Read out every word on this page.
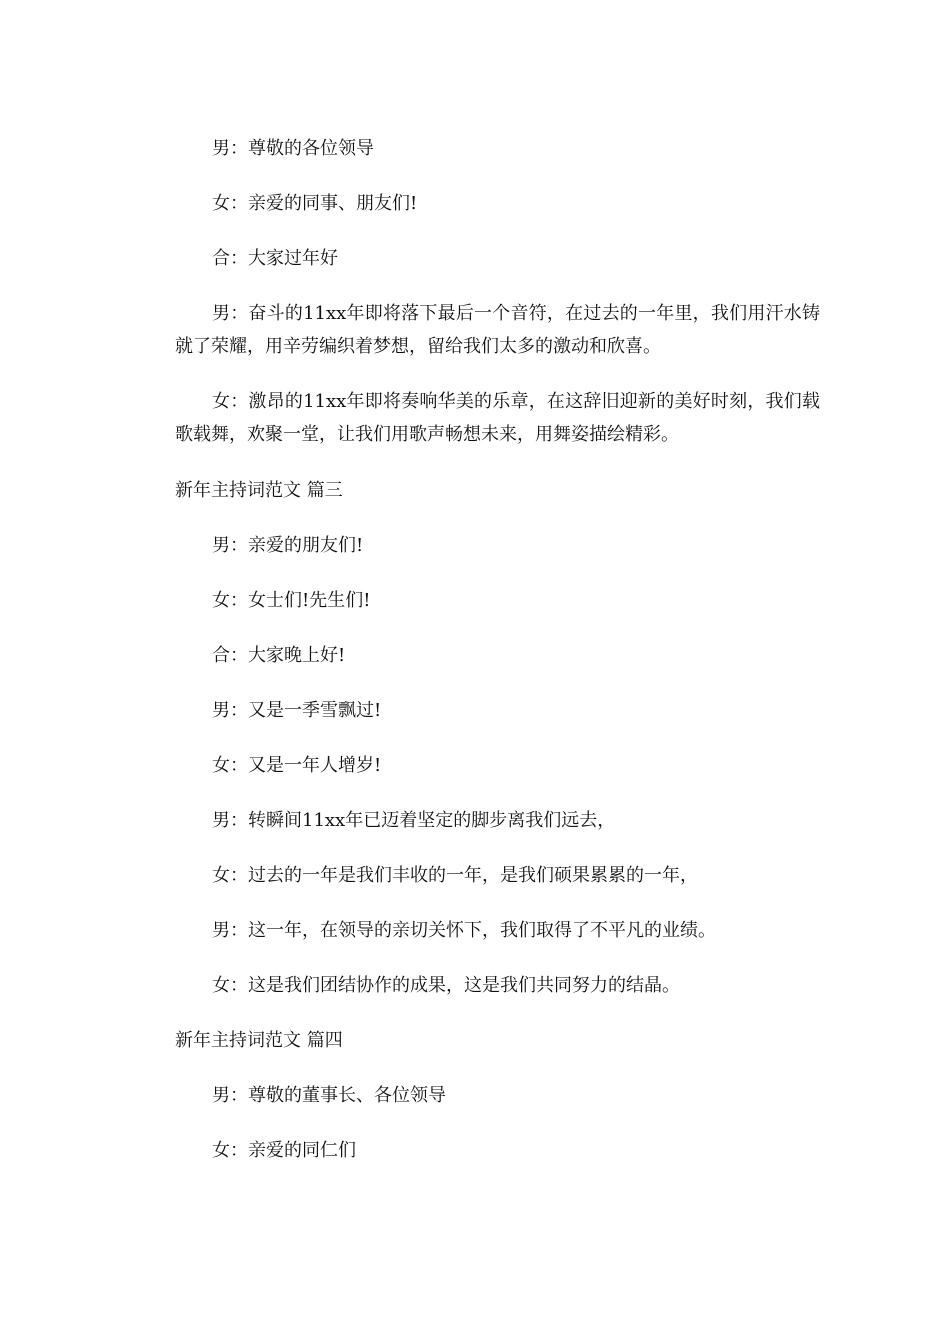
男：尊敬的各位领导

女：亲爱的同事、朋友们!

合：大家过年好

男：奋斗的11xx年即将落下最后一个音符，在过去的一年里，我们用汗水铸就了荣耀，用辛劳编织着梦想，留给我们太多的激动和欣喜。

女：激昂的11xx年即将奏响华美的乐章，在这辞旧迎新的美好时刻，我们载歌载舞，欢聚一堂，让我们用歌声畅想未来，用舞姿描绘精彩。

新年主持词范文 篇三

男：亲爱的朋友们!

女：女士们!先生们!

合：大家晚上好!

男：又是一季雪飘过!

女：又是一年人增岁!

男：转瞬间11xx年已迈着坚定的脚步离我们远去，

女：过去的一年是我们丰收的一年，是我们硕果累累的一年，

男：这一年，在领导的亲切关怀下，我们取得了不平凡的业绩。

女：这是我们团结协作的成果，这是我们共同努力的结晶。

新年主持词范文 篇四

男：尊敬的董事长、各位领导

女：亲爱的同仁们
